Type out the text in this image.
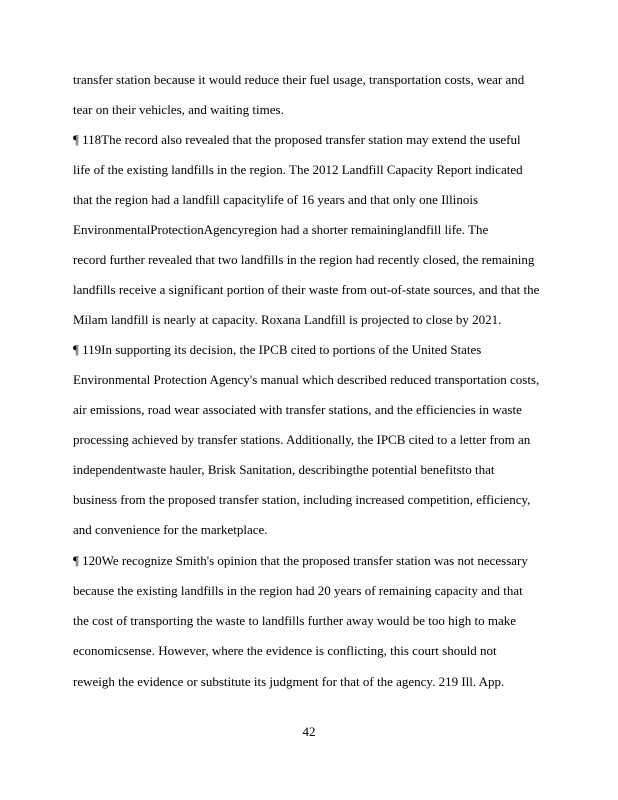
transfer station because it would reduce their fuel usage, transportation costs, wear and
tear on their vehicles, and waiting times.
¶ 118The record also revealed that the proposed transfer station may extend the useful
life of the existing landfills in the region. The 2012 Landfill Capacity Report indicated
that the region had a landfill capacitylife of 16 years and that only one Illinois
EnvironmentalProtectionAgencyregion had a shorter remaininglandfill life. The
record further revealed that two landfills in the region had recently closed, the remaining
landfills receive a significant portion of their waste from out-of-state sources, and that the
Milam landfill is nearly at capacity. Roxana Landfill is projected to close by 2021.
¶ 119In supporting its decision, the IPCB cited to portions of the United States
Environmental Protection Agency's manual which described reduced transportation costs,
air emissions, road wear associated with transfer stations, and the efficiencies in waste
processing achieved by transfer stations. Additionally, the IPCB cited to a letter from an
independentwaste hauler, Brisk Sanitation, describingthe potential benefitsto that
business from the proposed transfer station, including increased competition, efficiency,
and convenience for the marketplace.
¶ 120We recognize Smith's opinion that the proposed transfer station was not necessary
because the existing landfills in the region had 20 years of remaining capacity and that
the cost of transporting the waste to landfills further away would be too high to make
economicsense. However, where the evidence is conflicting, this court should not
reweigh the evidence or substitute its judgment for that of the agency. 219 Ill. App.
42
